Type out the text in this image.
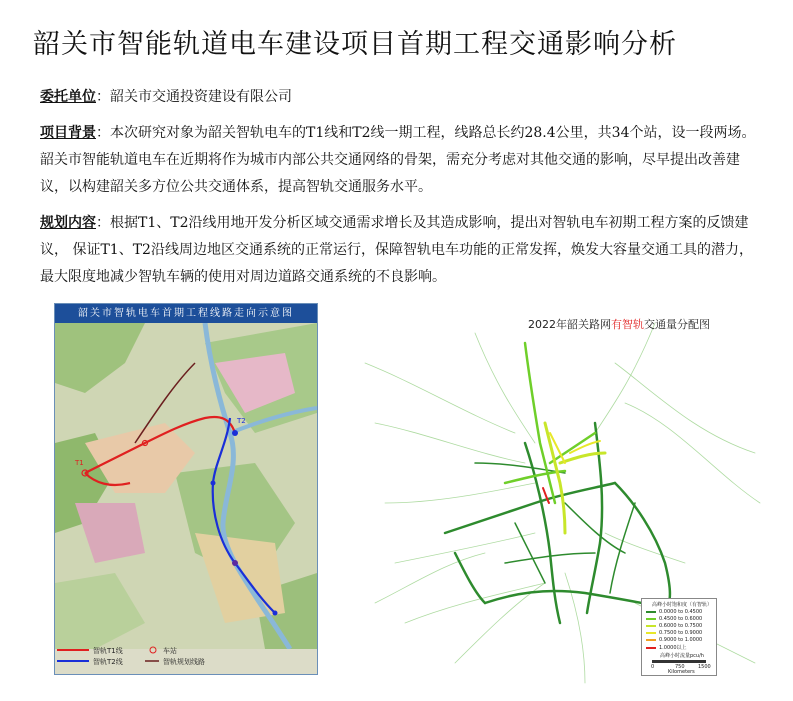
韶关市智能轨道电车建设项目首期工程交通影响分析
委托单位：韶关市交通投资建设有限公司
项目背景：本次研究对象为韶关智轨电车的T1线和T2线一期工程，线路总长约28.4公里，共34个站，设一段两场。韶关市智能轨道电车在近期将作为城市内部公共交通网络的骨架，需充分考虑对其他交通的影响，尽早提出改善建议，以构建韶关多方位公共交通体系，提高智轨交通服务水平。
规划内容：根据T1、T2沿线用地开发分析区域交通需求增长及其造成影响，提出对智轨电车初期工程方案的反馈建议， 保证T1、T2沿线周边地区交通系统的正常运行，保障智轨电车功能的正常发挥，焕发大容量交通工具的潜力， 最大限度地减少智轨车辆的使用对周边道路交通系统的不良影响。
韶关市智轨电车首期工程线路走向示意图
T1
T2
智轨T1线
智轨T2线
车站
智轨规划线路
2022年韶关路网有智轨交通量分配图
高峰小时饱和度（有智轨）
0.0000 to 0.4500
0.4500 to 0.6000
0.6000 to 0.7500
0.7500 to 0.9000
0.9000 to 1.0000
1.0000以上
高峰小时流量pcu/h
0	750	1500
Kilometers
